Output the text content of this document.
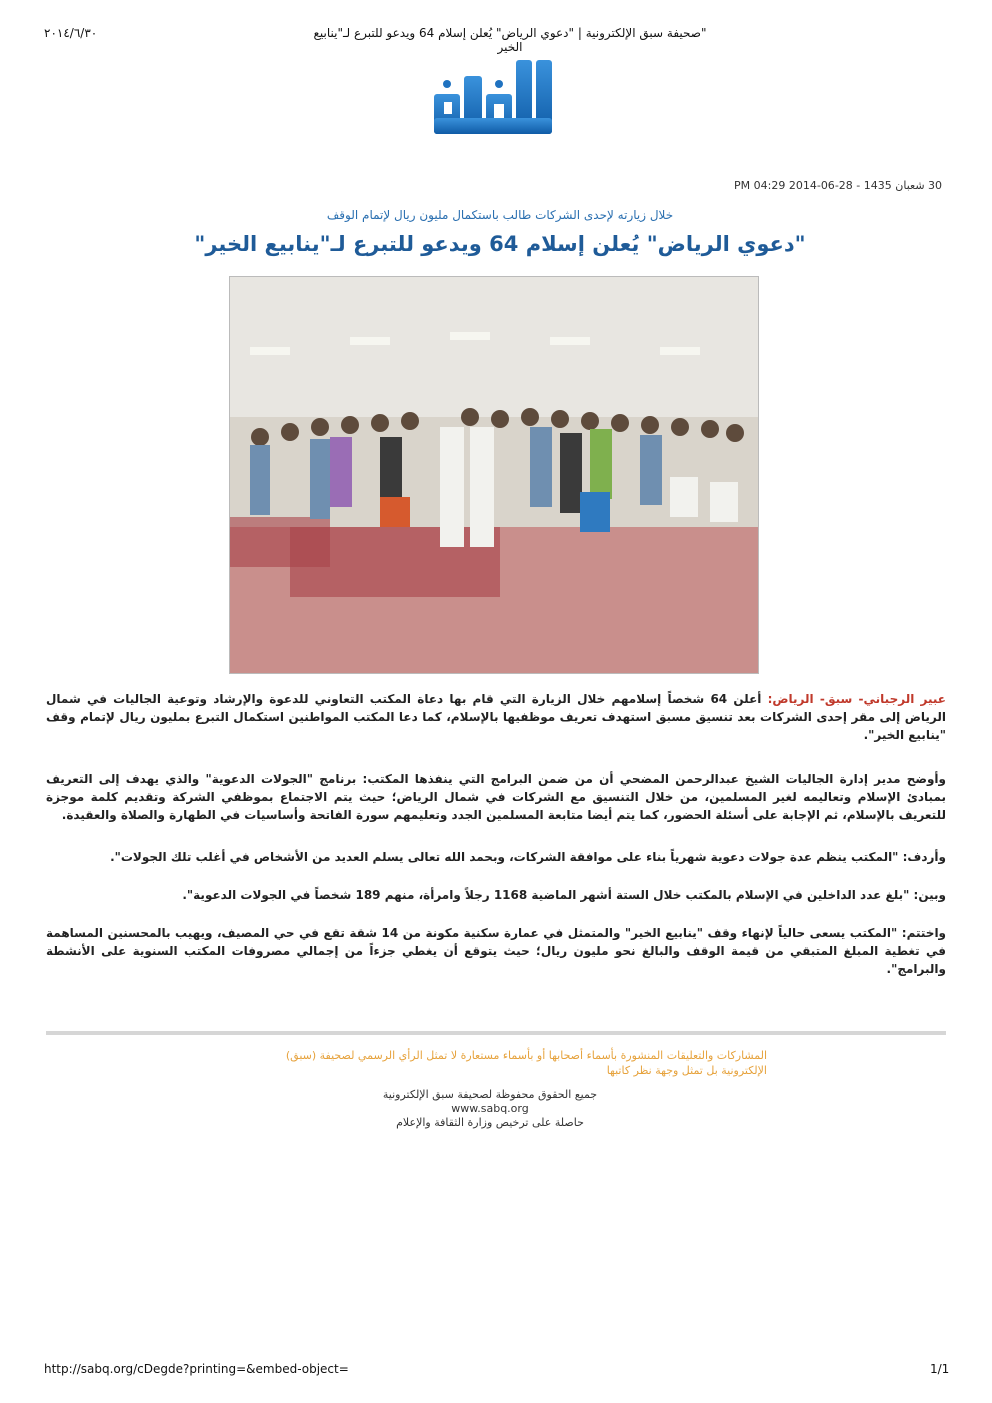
"صحيفة سبق الإلكترونية | "دعوي الرياض" يُعلن إسلام 64 ويدعو للتبرع لـ"ينابيع الخير
٢٠١٤/٦/٣٠
30 شعبان 1435 - 28-06-2014 04:29 PM
خلال زيارته لإحدى الشركات طالب باستكمال مليون ريال لإتمام الوقف
"دعوي الرياض" يُعلن إسلام 64 ويدعو للتبرع لـ"ينابيع الخير"
عبير الرجباني- سبق- الرياض: أعلن 64 شخصاً إسلامهم خلال الزيارة التي قام بها دعاة المكتب التعاوني للدعوة والإرشاد وتوعية الجاليات في شمال الرياض إلى مقر إحدى الشركات بعد تنسيق مسبق استهدف تعريف موظفيها بالإسلام، كما دعا المكتب المواطنين استكمال التبرع بمليون ريال لإتمام وقف "ينابيع الخير".
وأوضح مدير إدارة الجاليات الشيخ عبدالرحمن المضحي أن من ضمن البرامج التي ينفذها المكتب: برنامج "الجولات الدعوية" والذي يهدف إلى التعريف بمبادئ الإسلام وتعاليمه لغير المسلمين، من خلال التنسيق مع الشركات في شمال الرياض؛ حيث يتم الاجتماع بموظفي الشركة وتقديم كلمة موجزة للتعريف بالإسلام، ثم الإجابة على أسئلة الحضور، كما يتم أيضا متابعة المسلمين الجدد وتعليمهم سورة الفاتحة وأساسيات في الطهارة والصلاة والعقيدة.
وأردف: "المكتب ينظم عدة جولات دعوية شهرياً بناء على موافقة الشركات، وبحمد الله تعالى يسلم العديد من الأشخاص في أغلب تلك الجولات".
وبين: "بلغ عدد الداخلين في الإسلام بالمكتب خلال الستة أشهر الماضية 1168 رجلاً وامرأة، منهم 189 شخصاً في الجولات الدعوية".
واختتم: "المكتب يسعى حالياً لإنهاء وقف "ينابيع الخير" والمتمثل في عمارة سكنية مكونة من 14 شقة تقع في حي المصيف، ويهيب بالمحسنين المساهمة في تغطية المبلغ المتبقي من قيمة الوقف والبالغ نحو مليون ريال؛ حيث يتوقع أن يغطي جزءاً من إجمالي مصروفات المكتب السنوية على الأنشطة والبرامج".
المشاركات والتعليقات المنشورة بأسماء أصحابها أو بأسماء مستعارة لا تمثل الرأي الرسمي لصحيفة (سبق) الإلكترونية بل تمثل وجهة نظر كاتبها
جميع الحقوق محفوظة لصحيفة سبق الإلكترونية
www.sabq.org
حاصلة على ترخيص وزارة الثقافة والإعلام
http://sabq.org/cDegde?printing=&embed-object=	1/1
